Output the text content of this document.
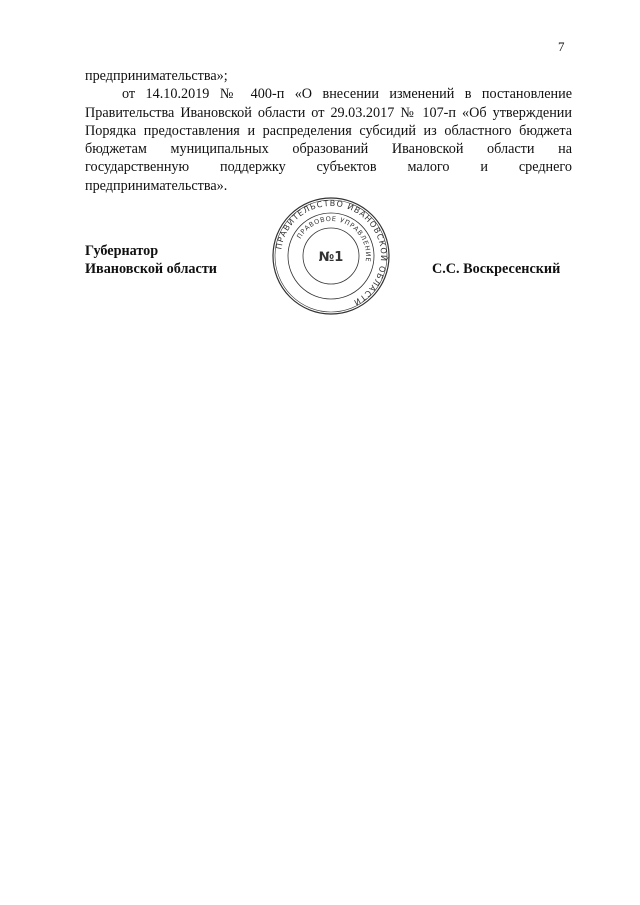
7

предпринимательства»;

от 14.10.2019 № 400-п «О внесении изменений в постановление Правительства Ивановской области от 29.03.2017 № 107-п «Об утверждении Порядка предоставления и распределения субсидий из областного бюджета бюджетам муниципальных образований Ивановской области на государственную поддержку субъектов малого и среднего предпринимательства».

Губернатор
Ивановской области	С.С. Воскресенский
ПРАВИТЕЛЬСТВО ИВАНОВСКОЙ ОБЛАСТИ
ПРАВОВОЕ УПРАВЛЕНИЕ
№1
